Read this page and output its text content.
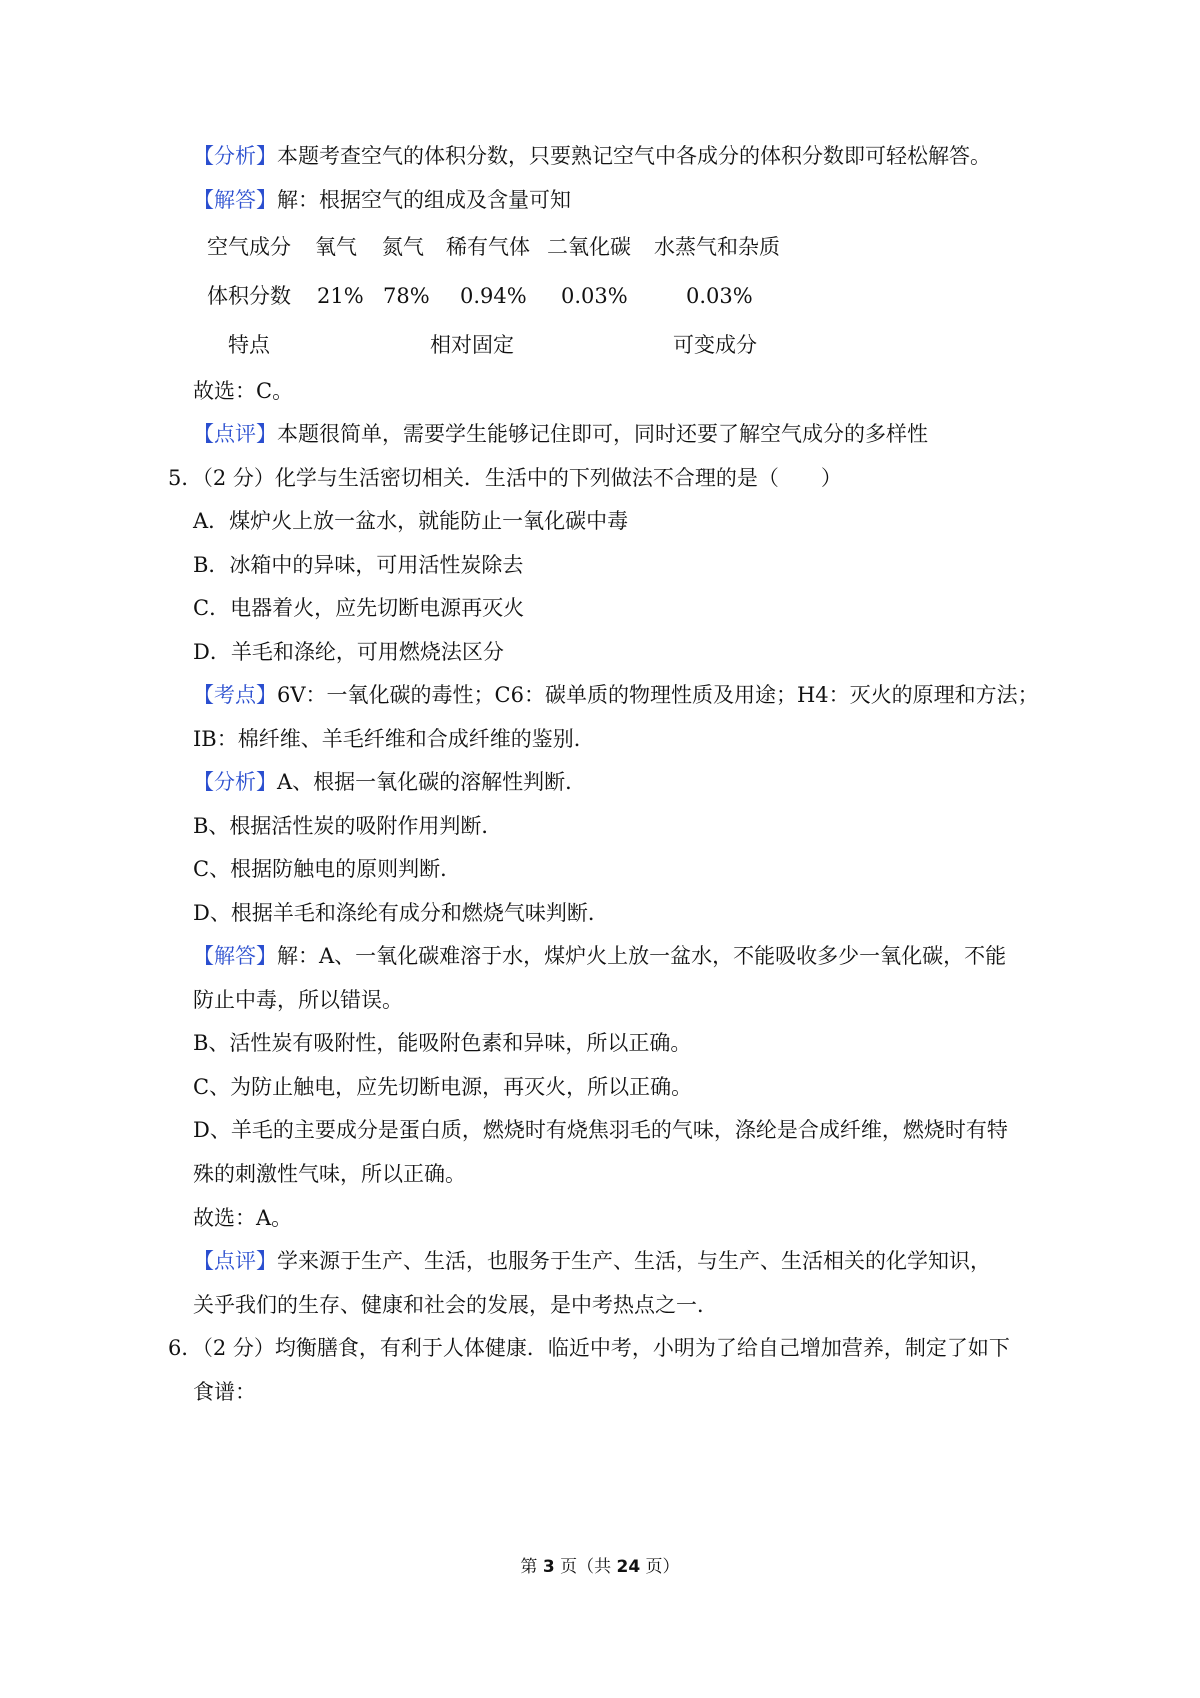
【分析】本题考查空气的体积分数，只要熟记空气中各成分的体积分数即可轻松解答。
【解答】解：根据空气的组成及含量可知
空气成分 氧气 氮气 稀有气体 二氧化碳 水蒸气和杂质
体积分数 21% 78% 0.94% 0.03%	0.03%
特点	相对固定	可变成分
故选：C。
【点评】本题很简单，需要学生能够记住即可，同时还要了解空气成分的多样性
5．（2 分）化学与生活密切相关．生活中的下列做法不合理的是（　　）
A．煤炉火上放一盆水，就能防止一氧化碳中毒
B．冰箱中的异味，可用活性炭除去
C．电器着火，应先切断电源再灭火
D．羊毛和涤纶，可用燃烧法区分
【考点】6V：一氧化碳的毒性；C6：碳单质的物理性质及用途；H4：灭火的原理和方法；
IB：棉纤维、羊毛纤维和合成纤维的鉴别．
【分析】A、根据一氧化碳的溶解性判断．
B、根据活性炭的吸附作用判断．
C、根据防触电的原则判断．
D、根据羊毛和涤纶有成分和燃烧气味判断．
【解答】解：A、一氧化碳难溶于水，煤炉火上放一盆水，不能吸收多少一氧化碳，不能
防止中毒，所以错误。
B、活性炭有吸附性，能吸附色素和异味，所以正确。
C、为防止触电，应先切断电源，再灭火，所以正确。
D、羊毛的主要成分是蛋白质，燃烧时有烧焦羽毛的气味，涤纶是合成纤维，燃烧时有特
殊的刺激性气味，所以正确。
故选：A。
【点评】学来源于生产、生活，也服务于生产、生活，与生产、生活相关的化学知识，
关乎我们的生存、健康和社会的发展，是中考热点之一．
6．（2 分）均衡膳食，有利于人体健康．临近中考，小明为了给自己增加营养，制定了如下
食谱：
第 3 页（共 24 页）
